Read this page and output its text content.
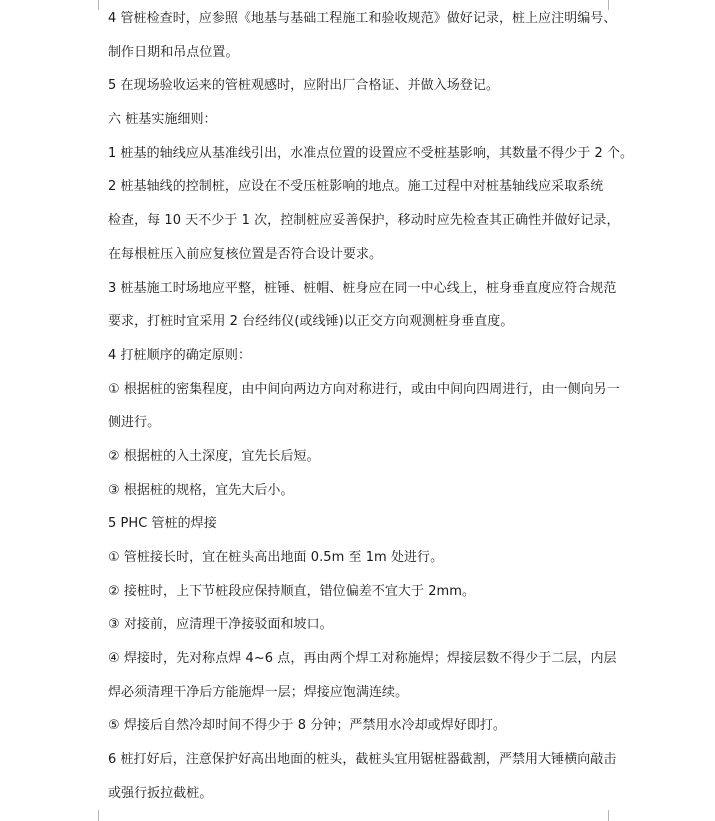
4 管桩检查时，应参照《地基与基础工程施工和验收规范》做好记录，桩上应注明编号、
制作日期和吊点位置。
5 在现场验收运来的管桩观感时，应附出厂合格证、并做入场登记。
六 桩基实施细则：
1 桩基的轴线应从基准线引出，水准点位置的设置应不受桩基影响，其数量不得少于 2 个。
2 桩基轴线的控制桩，应设在不受压桩影响的地点。施工过程中对桩基轴线应采取系统
检查，每 10 天不少于 1 次，控制桩应妥善保护，移动时应先检查其正确性并做好记录，
在每根桩压入前应复核位置是否符合设计要求。
3 桩基施工时场地应平整，桩锤、桩帽、桩身应在同一中心线上，桩身垂直度应符合规范
要求，打桩时宜采用 2 台经纬仪(或线锤)以正交方向观测桩身垂直度。
4 打桩顺序的确定原则：
① 根据桩的密集程度，由中间向两边方向对称进行，或由中间向四周进行，由一侧向另一
侧进行。
② 根据桩的入土深度，宜先长后短。
③ 根据桩的规格，宜先大后小。
5 PHC 管桩的焊接
① 管桩接长时，宜在桩头高出地面 0.5m 至 1m 处进行。
② 接桩时，上下节桩段应保持顺直，错位偏差不宜大于 2mm。
③ 对接前，应清理干净接驳面和坡口。
④ 焊接时，先对称点焊 4~6 点，再由两个焊工对称施焊；焊接层数不得少于二层，内层
焊必须清理干净后方能施焊一层；焊接应饱满连续。
⑤ 焊接后自然冷却时间不得少于 8 分钟；严禁用水冷却或焊好即打。
6 桩打好后，注意保护好高出地面的桩头，截桩头宜用锯桩器截割，严禁用大锤横向敲击
或强行扳拉截桩。
